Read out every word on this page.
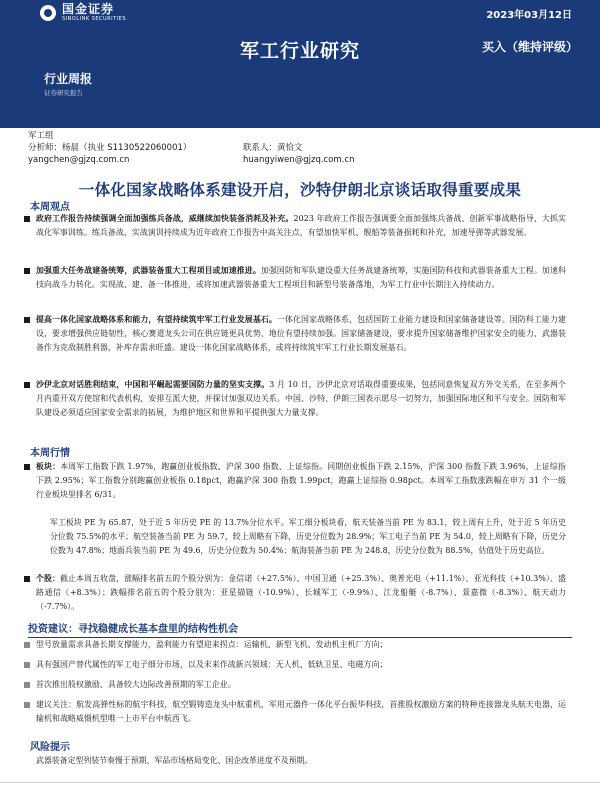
国金证券
SINOLINK SECURITIES	2023年03月12日
军工行业研究	买入（维持评级）
行业周报
证券研究报告
军工组
分析师：杨晨（执业 S1130522060001）	联系人：黄恰文
yangchen@gjzq.com.cn	huangyiwen@gjzq.com.cn
一体化国家战略体系建设开启，沙特伊朗北京谈话取得重要成果
本周观点
政府工作报告持续强调全面加强练兵备战，威继续加快装备消耗及补充。2023 年政府工作报告强调要全面加强练兵备战、创新军事战略指导、大抓实战化军事训练。练兵备战、实战演训持续成为近年政府工作报告中高关注点，有望加快军机、舰船等装备损耗和补充，加速导弹等武器发展。
加强重大任务战建备统筹，武器装备重大工程项目或加速推进。加强国防和军队建设重大任务战建备统筹，实施国防科技和武器装备重大工程。加速科技向战斗力转化。实现战、建、备一体推进，或将加速武器装备重大工程项目和新型号装备落地，为军工行业中长期注入持续动力。
提高一体化国家战略体系和能力，有望持续筑牢军工行业发展基石。一体化国家战略体系，包括国防工业能力建设和国家储备建设等。国防科工能力建设，要求增强供应链韧性，核心赛道龙头公司在供应链更具优势、地位有望持续加强。国家储备建设，要求提升国家储备维护国家安全的能力，武器装备作为克敌制胜利器，补库存需求旺盛。建设一体化国家战略体系，或将持续筑牢军工行业长期发展基石。
沙伊北京对话胜利结束，中国和平崛起需要国防力量的坚实支撑。3 月 10 日，沙伊北京对话取得重要成果，包括同意恢复双方外交关系，在至多两个月内重开双方使馆和代表机构，安排互派大使，并探讨加强双边关系。中国、沙特、伊朗三国表示愿尽一切努力，加强国际地区和平与安全。国防和军队建设必须适应国家安全需求的拓展，为维护地区和世界和平提供强大力量支撑。
本周行情
板块：本周军工指数下跌 1.97%，跑赢创业板指数、沪深 300 指数、上证综指。同期创业板指下跌 2.15%，沪深 300 指数下跌 3.96%，上证综指下跌 2.95%；军工指数分别跑赢创业板指 0.18pct，跑赢沪深 300 指数 1.99pct，跑赢上证综指 0.98pct。本周军工指数涨跌幅在申万 31 个一级行业板块里排名 6/31。
军工板块 PE 为 65.87，处于近 5 年历史 PE 的 13.7%分位水平。军工细分板块看，航天装备当前 PE 为 83.1，较上周有上升，处于近 5 年历史分位数 75.5%的水平；航空装备当前 PE 为 59.7，较上周略有下降，历史分位数为 28.9%；军工电子当前 PE 为 54.0，较上周略有下降，历史分位数为 47.8%；地面兵装当前 PE 为 49.6，历史分位数为 50.4%；航海装备当前 PE 为 248.8，历史分位数为 88.5%，估值处于历史高位。
个股：截止本周五收盘，涨幅排名前五的个股分别为：金信诺（+27.5%）、中国卫通（+25.3%）、奥普光电（+11.1%）、亚光科技（+10.3%）、盛路通信（+8.3%）；跌幅排名前五的个股分别为：亚星锚链（-10.9%）、长城军工（-9.9%）、江龙船艇（-8.7%）、景嘉微（-8.3%）、航天动力（-7.7%）。
投资建议：寻找稳健成长基本盘里的结构性机会
型号放量需求具备长期支撑能力，盈利能力有望迎来拐点：运输机、新型飞机、发动机主机厂方向；
具有强国产替代属性的军工电子细分市场，以及未来作战新兴领域：无人机、低轨卫星、电磁方向；
首次推出股权激励、具备较大边际改善预期的军工企业。
建议关注：航发高弹性标的航宇科技，航空锻铸造龙头中航重机，军用元器件一体化平台振华科技，首推股权激励方案的特种连接器龙头航天电器，运输机和战略威慑机型唯一上市平台中航西飞。
风险提示
武器装备定型列装节奏慢于预期、军品市场格局变化、国企改革进度不及预期。
